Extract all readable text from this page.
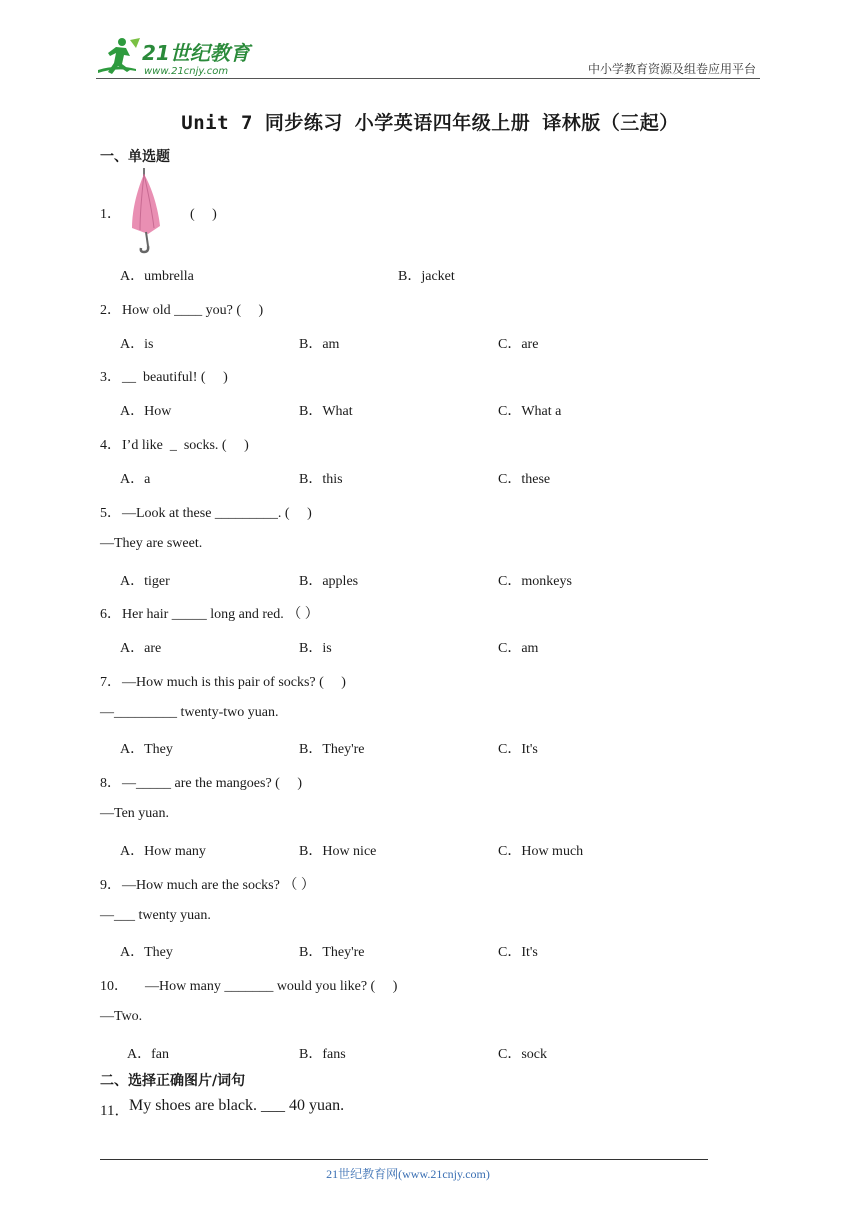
21世纪教育
www.21cnjy.com	中小学教育资源及组卷应用平台
Unit 7 同步练习 小学英语四年级上册 译林版（三起）
一、单选题
1．	(　 )
A．umbrella	B．jacket
2． How old ____ you? (　 )
A．is	B．am	C．are
3． __  beautiful! (　 )
A．How	B．What	C．What a
4． I’d like  _  socks. (　 )
A．a	B．this	C．these
5． —Look at these _________. (　 )
—They are sweet.
A．tiger	B．apples	C．monkeys
6． Her hair _____ long and red. （ ）
A．are	B．is	C．am
7． —How much is this pair of socks? (　 )
—_________ twenty-two yuan.
A．They	B．They're	C．It's
8． —_____ are the mangoes? (　 )
—Ten yuan.
A．How many	B．How nice	C．How much
9． —How much are the socks? （ ）
—___ twenty yuan.
A．They	B．They're	C．It's
10． —How many _______ would you like? (　 )
—Two.
A．fan	B．fans	C．sock
二、选择正确图片/词句
11． My shoes are black. ___ 40 yuan.
21世纪教育网(www.21cnjy.com)
